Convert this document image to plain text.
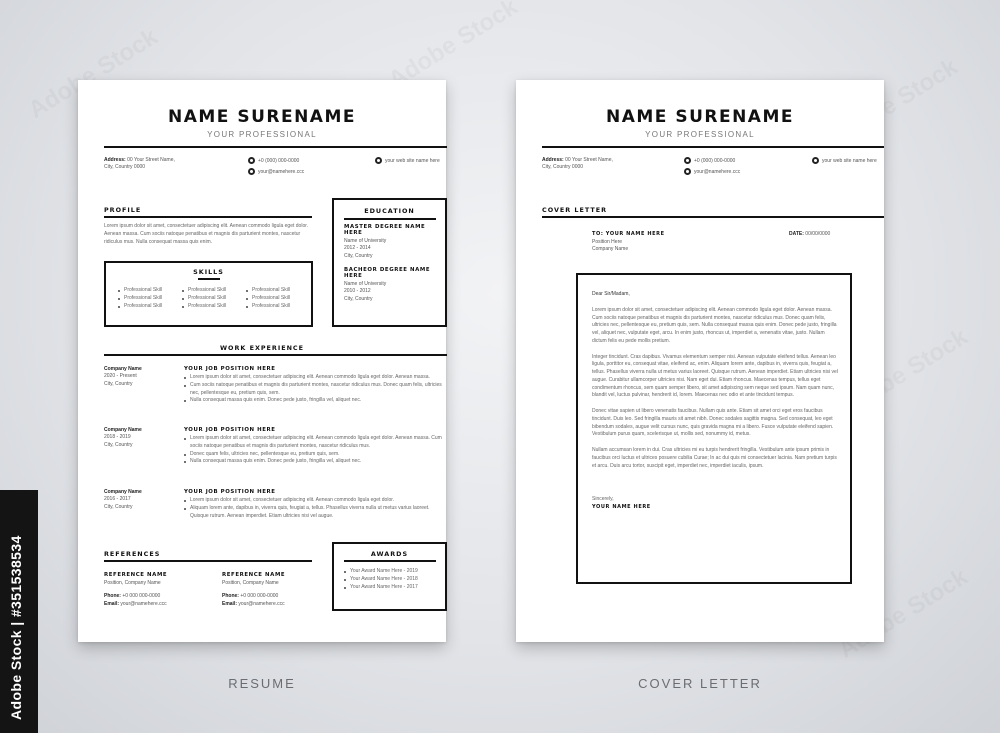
NAME SURENAME
YOUR PROFESSIONAL
Address: 00 Your Street Name,
City, Country 0000
+0 (000) 000-0000
your@namehere.ccc
your web site name here
PROFILE
Lorem ipsum dolor sit amet, consectetuer adipiscing elit. Aenean commodo ligula eget dolor. Aenean massa. Cum sociis natoque penatibus et magnis dis parturient montes, nascetur ridiculus mus. Nulla consequat massa quis enim.
SKILLS
Professional Skill
Professional Skill
Professional Skill
Professional Skill
Professional Skill
Professional Skill
Professional Skill
Professional Skill
Professional Skill
EDUCATION
MASTER DEGREE NAME HERE
Name of University
2012 - 2014
City, Country
BACHEOR DEGREE NAME HERE
Name of University
2010 - 2012
City, Country
WORK EXPERIENCE
Company Name
2020 - Present
City, Country
YOUR JOB POSITION HERE
Lorem ipsum dolor sit amet, consectetuer adipiscing elit. Aenean commodo ligula eget dolor. Aenean massa.
Cum sociis natoque penatibus et magnis dis parturient montes, nascetur ridiculus mus. Donec quam felis, ultricies nec, pellentesque eu, pretium quis, sem.
Nulla consequat massa quis enim. Donec pede justo, fringilla vel, aliquet nec.
Company Name
2018 - 2019
City, Country
YOUR JOB POSITION HERE
Lorem ipsum dolor sit amet, consectetuer adipiscing elit. Aenean commodo ligula eget dolor. Aenean massa. Cum sociis natoque penatibus et magnis dis parturient montes, nascetur ridiculus mus.
Donec quam felis, ultricies nec, pellentesque eu, pretium quis, sem.
Nulla consequat massa quis enim. Donec pede justo, fringilla vel, aliquet nec.
Company Name
2016 - 2017
City, Country
YOUR JOB POSITION HERE
Lorem ipsum dolor sit amet, consectetuer adipiscing elit. Aenean commodo ligula eget dolor.
Aliquam lorem ante, dapibus in, viverra quis, feugiat a, tellus. Phasellus viverra nulla ut metus varius laoreet. Quisque rutrum. Aenean imperdiet. Etiam ultricies nisi vel augue.
REFERENCES
REFERENCE NAME
Position, Company Name
Phone: +0 000 000-0000
Email: your@namehere.ccc
REFERENCE NAME
Position, Company Name
Phone: +0 000 000-0000
Email: your@namehere.ccc
AWARDS
Your Award Name Here - 2019
Your Award Name Here - 2018
Your Award Name Here - 2017
NAME SURENAME
YOUR PROFESSIONAL
Address: 00 Your Street Name,
City, Country 0000
+0 (000) 000-0000
your@namehere.ccc
your web site name here
COVER LETTER
TO: YOUR NAME HERE
Position Here
Company Name
DATE: 00/00/0000
Dear Sir/Madam,
Lorem ipsum dolor sit amet, consectetuer adipiscing elit. Aenean commodo ligula eget dolor. Aenean massa. Cum sociis natoque penatibus et magnis dis parturient montes, nascetur ridiculus mus. Donec quam felis, ultricies nec, pellentesque eu, pretium quis, sem. Nulla consequat massa quis enim. Donec pede justo, fringilla vel, aliquet nec, vulputate eget, arcu. In enim justo, rhoncus ut, imperdiet a, venenatis vitae, justo. Nullam dictum felis eu pede mollis pretium.
Integer tincidunt. Cras dapibus. Vivamus elementum semper nisi. Aenean vulputate eleifend tellus. Aenean leo ligula, porttitor eu, consequat vitae, eleifend ac, enim. Aliquam lorem ante, dapibus in, viverra quis, feugiat a, tellus. Phasellus viverra nulla ut metus varius laoreet. Quisque rutrum. Aenean imperdiet. Etiam ultricies nisi vel augue. Curabitur ullamcorper ultricies nisi. Nam eget dui. Etiam rhoncus. Maecenas tempus, tellus eget condimentum rhoncus, sem quam semper libero, sit amet adipiscing sem neque sed ipsum. Nam quam nunc, blandit vel, luctus pulvinar, hendrerit id, lorem. Maecenas nec odio et ante tincidunt tempus.
Donec vitae sapien ut libero venenatis faucibus. Nullam quis ante. Etiam sit amet orci eget eros faucibus tincidunt. Duis leo. Sed fringilla mauris sit amet nibh. Donec sodales sagittis magna. Sed consequat, leo eget bibendum sodales, augue velit cursus nunc, quis gravida magna mi a libero. Fusce vulputate eleifend sapien. Vestibulum purus quam, scelerisque ut, mollis sed, nonummy id, metus.
Nullam accumsan lorem in dui. Cras ultricies mi eu turpis hendrerit fringilla. Vestibulum ante ipsum primis in faucibus orci luctus et ultrices posuere cubilia Curae; In ac dui quis mi consectetuer lacinia. Nam pretium turpis et arcu. Duis arcu tortor, suscipit eget, imperdiet nec, imperdiet iaculis, ipsum.
Sincerely,
YOUR NAME HERE
RESUME	COVER LETTER
Adobe Stock | #351538534
